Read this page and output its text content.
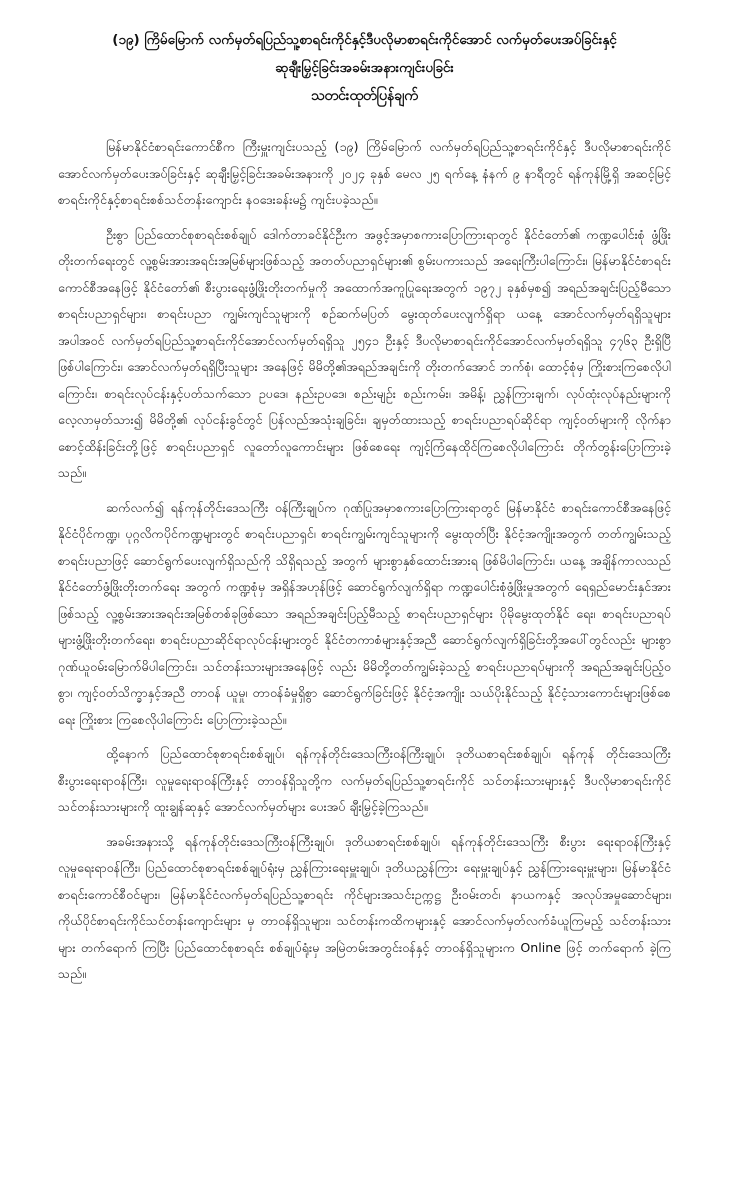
(၁၉) ကြိမ်မြောက် လက်မှတ်ရပြည်သူ့စာရင်းကိုင်နှင့်ဒီပလိုမာစာရင်းကိုင်အောင် လက်မှတ်ပေးအပ်ခြင်းနှင့်
ဆုချီးမြှင့်ခြင်းအခမ်းအနားကျင်းပခြင်း
သတင်းထုတ်ပြန်ချက်

မြန်မာနိုင်ငံစာရင်းကောင်စီက ကြီးမှူးကျင်းပသည့် (၁၉) ကြိမ်မြောက် လက်မှတ်ရပြည်သူ့စာရင်းကိုင်နှင့် ဒီပလိုမာစာရင်းကိုင် အောင်လက်မှတ်ပေးအပ်ခြင်းနှင့် ဆုချီးမြှင့်ခြင်းအခမ်းအနားကို ၂၀၂၄ ခုနှစ် မေလ ၂၅ ရက်နေ့ နံနက် ၉ နာရီတွင် ရန်ကုန်မြို့ရှိ အဆင့်မြင့်စာရင်းကိုင်နှင့်စာရင်းစစ်သင်တန်းကျောင်း နဝဒေးခန်းမ၌ ကျင်းပခဲ့သည်။

ဦးစွာ ပြည်ထောင်စုစာရင်းစစ်ချုပ် ဒေါက်တာခင်နိုင်ဦးက အဖွင့်အမှာစကားပြောကြားရာတွင် နိုင်ငံတော်၏ ကဏ္ဍပေါင်းစုံ ဖွံ့ဖြိုးတိုးတက်ရေးတွင် လူ့စွမ်းအားအရင်းအမြစ်များဖြစ်သည့် အတတ်ပညာရှင်များ၏ စွမ်းပကားသည် အရေးကြီးပါကြောင်း၊ မြန်မာနိုင်ငံစာရင်းကောင်စီအနေဖြင့် နိုင်ငံတော်၏ စီးပွားရေးဖွံ့ဖြိုးတိုးတက်မှုကို အထောက်အကူပြုရေးအတွက် ၁၉၇၂ ခုနှစ်မှစ၍ အရည်အချင်းပြည့်မီသော စာရင်းပညာရှင်များ၊ စာရင်းပညာ ကျွမ်းကျင်သူများကို စဉ်ဆက်မပြတ် မွေးထုတ်ပေးလျက်ရှိရာ ယနေ့ အောင်လက်မှတ်ရရှိသူများအပါအဝင် လက်မှတ်ရပြည်သူ့စာရင်းကိုင်အောင်လက်မှတ်ရရှိသူ ၂၅၄၁ ဦးနှင့် ဒီပလိုမာစာရင်းကိုင်အောင်လက်မှတ်ရရှိသူ ၄၇၆၃ ဦးရှိပြီ ဖြစ်ပါကြောင်း၊ အောင်လက်မှတ်ရရှိပြီးသူများ အနေဖြင့် မိမိတို့၏အရည်အချင်းကို တိုးတက်အောင် ဘက်စုံ၊ ထောင့်စုံမှ ကြိုးစားကြစေလိုပါကြောင်း၊ စာရင်းလုပ်ငန်းနှင့်ပတ်သက်သော ဥပဒေ၊ နည်းဥပဒေ၊ စည်းမျဉ်း စည်းကမ်း၊ အမိန့်၊ ညွှန်ကြားချက်၊ လုပ်ထုံးလုပ်နည်းများကို လေ့လာမှတ်သား၍ မိမိတို့၏ လုပ်ငန်းခွင်တွင် ပြန်လည်အသုံးချခြင်း၊ ချမှတ်ထားသည့် စာရင်းပညာရပ်ဆိုင်ရာ ကျင့်ဝတ်များကို လိုက်နာစောင့်ထိန်းခြင်းတို့ဖြင့် စာရင်းပညာရှင် လူတော်လူကောင်းများ ဖြစ်စေရေး ကျင့်ကြံနေထိုင်ကြစေလိုပါကြောင်း တိုက်တွန်းပြောကြားခဲ့သည်။

ဆက်လက်၍ ရန်ကုန်တိုင်းဒေသကြီး ဝန်ကြီးချုပ်က ဂုဏ်ပြုအမှာစကားပြောကြားရာတွင် မြန်မာနိုင်ငံ စာရင်းကောင်စီအနေဖြင့် နိုင်ငံပိုင်ကဏ္ဍ၊ ပုဂ္ဂလိကပိုင်ကဏ္ဍများတွင် စာရင်းပညာရှင်၊ စာရင်းကျွမ်းကျင်သူများကို မွေးထုတ်ပြီး နိုင်ငံ့အကျိုးအတွက် တတ်ကျွမ်းသည့် စာရင်းပညာဖြင့် ဆောင်ရွက်ပေးလျက်ရှိသည်ကို သိရှိရသည့် အတွက် များစွာနှစ်ထောင်းအားရ ဖြစ်မိပါကြောင်း၊ ယနေ့ အချိန်ကာလသည် နိုင်ငံတော်ဖွံ့ဖြိုးတိုးတက်ရေး အတွက် ကဏ္ဍစုံမှ အရှိန်အဟုန်ဖြင့် ဆောင်ရွက်လျက်ရှိရာ ကဏ္ဍပေါင်းစုံဖွံ့ဖြိုးမှုအတွက် ရေရှည်မောင်းနှင်အား ဖြစ်သည့် လူ့စွမ်းအားအရင်းအမြစ်တစ်ခုဖြစ်သော အရည်အချင်းပြည့်မီသည့် စာရင်းပညာရှင်များ ပိုမိုမွေးထုတ်နိုင် ရေး၊ စာရင်းပညာရပ်များဖွံ့ဖြိုးတိုးတက်ရေး၊ စာရင်းပညာဆိုင်ရာလုပ်ငန်းများတွင် နိုင်ငံတကာစံများနှင့်အညီ ဆောင်ရွက်လျက်ရှိခြင်းတို့အပေါ်တွင်လည်း များစွာ ဂုဏ်ယူဝမ်းမြောက်မိပါကြောင်း၊ သင်တန်းသားများအနေဖြင့် လည်း မိမိတို့တတ်ကျွမ်းခဲ့သည့် စာရင်းပညာရပ်များကို အရည်အချင်းပြည့်ဝစွာ၊ ကျင့်ဝတ်သိက္ခာနှင့်အညီ တာဝန် ယူမှု၊ တာဝန်ခံမှုရှိစွာ ဆောင်ရွက်ခြင်းဖြင့် နိုင်ငံ့အကျိုး သယ်ပိုးနိုင်သည့် နိုင်ငံ့သားကောင်းများဖြစ်စေရေး ကြိုးစား ကြစေလိုပါကြောင်း ပြောကြားခဲ့သည်။

ထို့နောက် ပြည်ထောင်စုစာရင်းစစ်ချုပ်၊ ရန်ကုန်တိုင်းဒေသကြီးဝန်ကြီးချုပ်၊ ဒုတိယစာရင်းစစ်ချုပ်၊ ရန်ကုန် တိုင်းဒေသကြီး စီးပွားရေးရာဝန်ကြီး၊ လူမှုရေးရာဝန်ကြီးနှင့် တာဝန်ရှိသူတို့က လက်မှတ်ရပြည်သူ့စာရင်းကိုင် သင်တန်းသားများနှင့် ဒီပလိုမာစာရင်းကိုင် သင်တန်းသားများကို ထူးချွန်ဆုနှင့် အောင်လက်မှတ်များ ပေးအပ် ချီးမြှင့်ခဲ့ကြသည်။

အခမ်းအနားသို့ ရန်ကုန်တိုင်းဒေသကြီးဝန်ကြီးချုပ်၊ ဒုတိယစာရင်းစစ်ချုပ်၊ ရန်ကုန်တိုင်းဒေသကြီး စီးပွား ရေးရာဝန်ကြီးနှင့် လူမှုရေးရာဝန်ကြီး၊ ပြည်ထောင်စုစာရင်းစစ်ချုပ်ရုံးမှ ညွှန်ကြားရေးမှူးချုပ်၊ ဒုတိယညွှန်ကြား ရေးမှူးချုပ်နှင့် ညွှန်ကြားရေးမှူးများ၊ မြန်မာနိုင်ငံစာရင်းကောင်စီဝင်များ၊ မြန်မာနိုင်ငံလက်မှတ်ရပြည်သူ့စာရင်း ကိုင်များအသင်းဥက္ကဋ္ဌ ဦးဝမ်းတင်၊ နာယကနှင့် အလုပ်အမှုဆောင်များ၊ ကိုယ်ပိုင်စာရင်းကိုင်သင်တန်းကျောင်းများ မှ တာဝန်ရှိသူများ၊ သင်တန်းကထိကများနှင့် အောင်လက်မှတ်လက်ခံယူကြမည့် သင်တန်းသားများ တက်ရောက် ကြပြီး ပြည်ထောင်စုစာရင်း စစ်ချုပ်ရုံးမှ အမြဲတမ်းအတွင်းဝန်နှင့် တာဝန်ရှိသူများက Online ဖြင့် တက်ရောက် ခဲ့ကြသည်။
